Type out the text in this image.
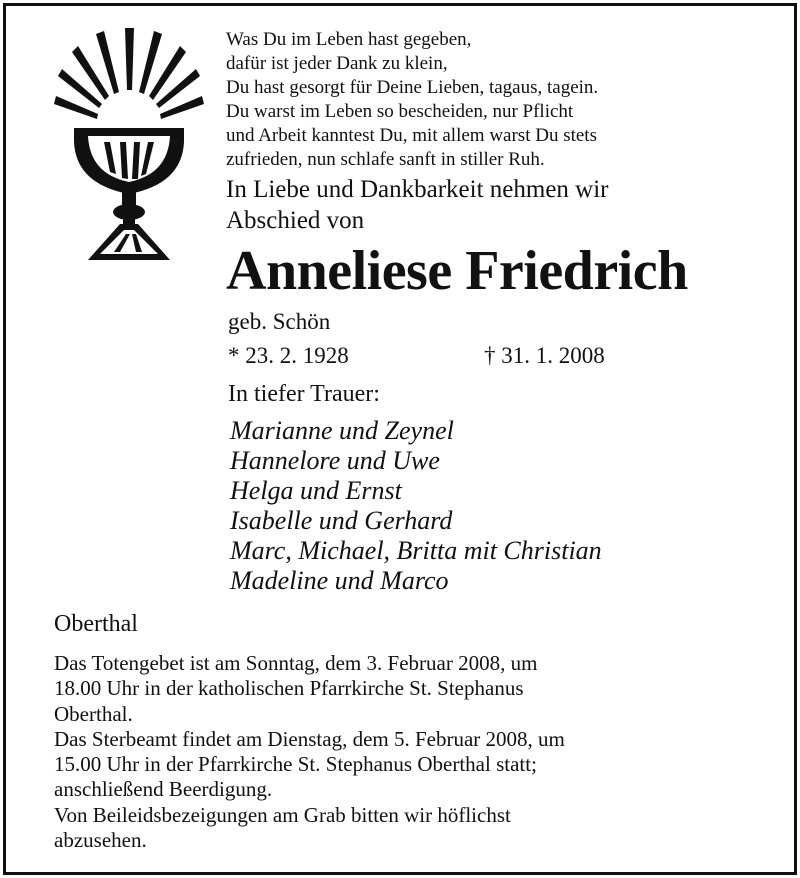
Was Du im Leben hast gegeben,
dafür ist jeder Dank zu klein,
Du hast gesorgt für Deine Lieben, tagaus, tagein.
Du warst im Leben so bescheiden, nur Pflicht
und Arbeit kanntest Du, mit allem warst Du stets
zufrieden, nun schlafe sanft in stiller Ruh.
In Liebe und Dankbarkeit nehmen wir
Abschied von
Anneliese Friedrich
geb. Schön
* 23. 2. 1928	† 31. 1. 2008
In tiefer Trauer:
Marianne und Zeynel
Hannelore und Uwe
Helga und Ernst
Isabelle und Gerhard
Marc, Michael, Britta mit Christian
Madeline und Marco
Oberthal
Das Totengebet ist am Sonntag, dem 3. Februar 2008, um
18.00 Uhr in der katholischen Pfarrkirche St. Stephanus
Oberthal.
Das Sterbeamt findet am Dienstag, dem 5. Februar 2008, um
15.00 Uhr in der Pfarrkirche St. Stephanus Oberthal statt;
anschließend Beerdigung.
Von Beileidsbezeigungen am Grab bitten wir höflichst
abzusehen.
